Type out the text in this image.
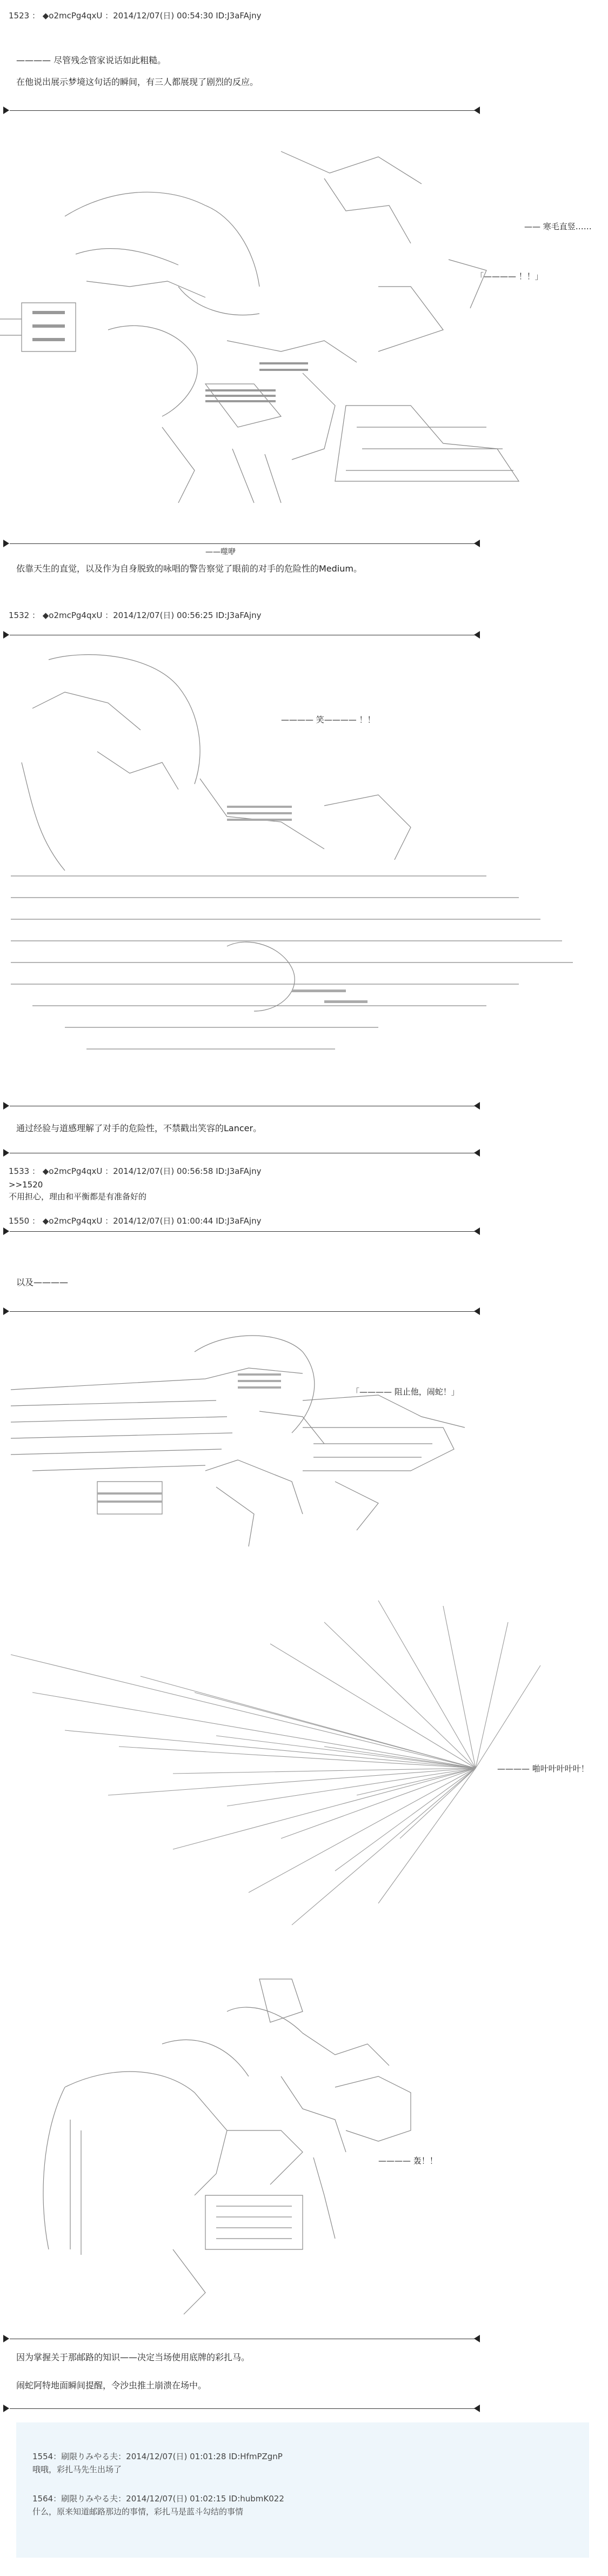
1523 ： ◆o2mcPg4qxU ：2014/12/07(日) 00:54:30 ID:J3aFAjny
———— 尽管残念管家说话如此粗糙。
在他说出展示梦境这句话的瞬间，有三人都展现了剧烈的反应。
—— 寒毛直竖……
「———— ！！」
——噬咿
依靠天生的直觉，以及作为自身脱致的咏唱的警告察觉了眼前的对手的危险性的Medium。
1532 ： ◆o2mcPg4qxU ：2014/12/07(日) 00:56:25 ID:J3aFAjny
———— 笑———— ！！
通过经验与道感理解了对手的危险性，不禁戳出笑容的Lancer。
1533 ： ◆o2mcPg4qxU ：2014/12/07(日) 00:56:58 ID:J3aFAjny
>>1520
不用担心，理由和平衡都是有准备好的
1550 ： ◆o2mcPg4qxU ：2014/12/07(日) 01:00:44 ID:J3aFAjny
以及————
「———— 阻止他，闹蛇！」
———— 啪叶叶叶叶叶！
———— 轰！！
因为掌握关于那邮路的知识——决定当场使用底牌的彩扎马。
闹蛇阿特地面瞬间提醒，令沙虫推土崩溃在场中。
1554：刷限りみやる夫：2014/12/07(日) 01:01:28 ID:HfmPZgnP
哦哦，彩扎马先生出场了
1564：刷限りみやる夫：2014/12/07(日) 01:02:15 ID:hubmK022
什么，原来知道邮路那边的事情，彩扎马是蓝斗勾结的事情
